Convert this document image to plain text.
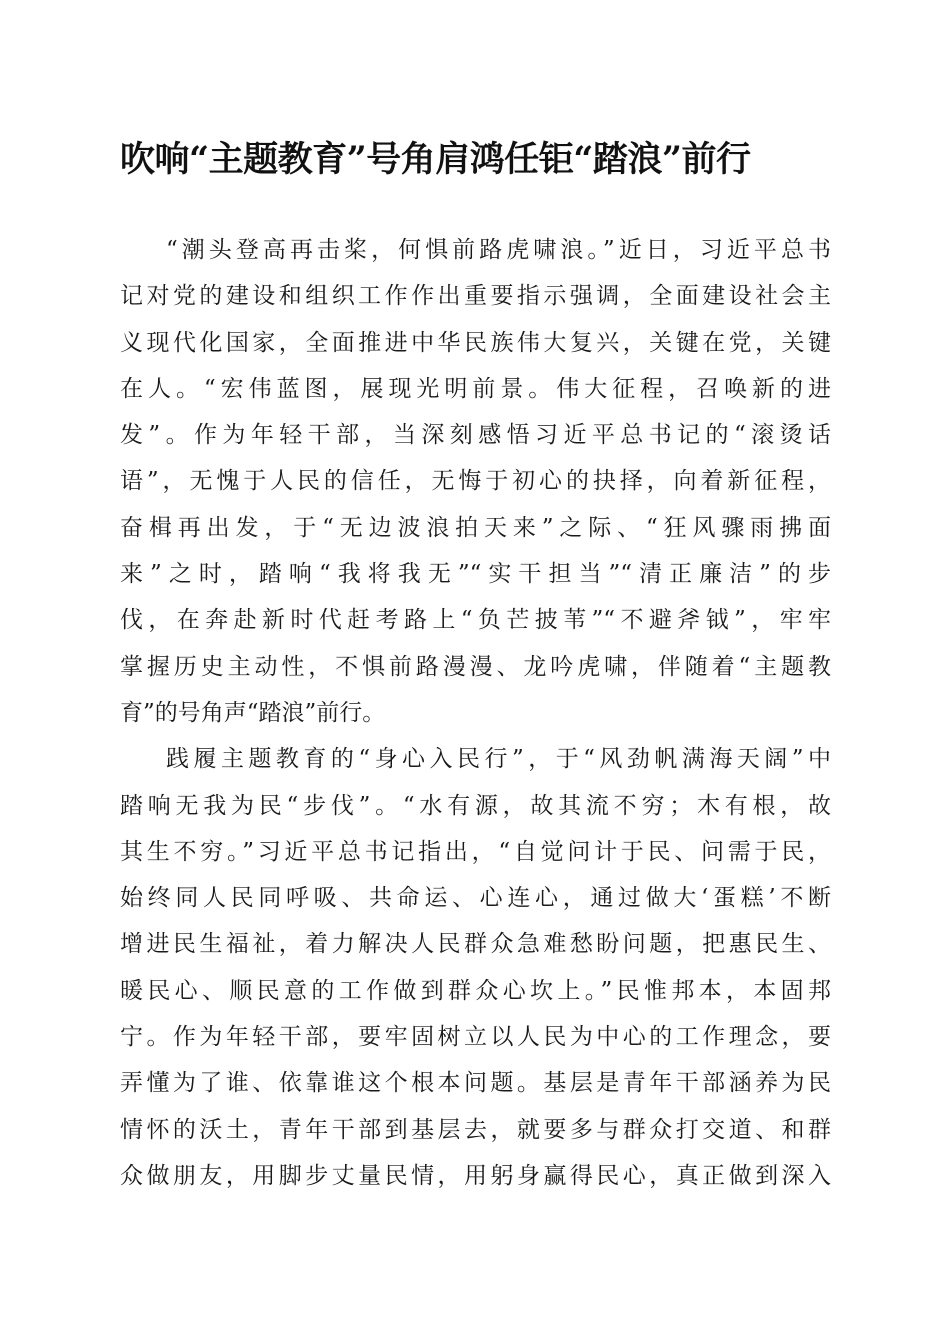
吹响“主题教育”号角肩鸿任钜“踏浪”前行
“潮头登高再击桨，何惧前路虎啸浪。”近日，习近平总书
记对党的建设和组织工作作出重要指示强调，全面建设社会主
义现代化国家，全面推进中华民族伟大复兴，关键在党，关键
在人。“宏伟蓝图，展现光明前景。伟大征程，召唤新的进
发”。作为年轻干部，当深刻感悟习近平总书记的“滚烫话
语”，无愧于人民的信任，无悔于初心的抉择，向着新征程，
奋楫再出发，于“无边波浪拍天来”之际、“狂风骤雨拂面
来”之时，踏响“我将我无”“实干担当”“清正廉洁”的步
伐，在奔赴新时代赶考路上“负芒披苇”“不避斧钺”，牢牢
掌握历史主动性，不惧前路漫漫、龙吟虎啸，伴随着“主题教
育”的号角声“踏浪”前行。
践履主题教育的“身心入民行”，于“风劲帆满海天阔”中
踏响无我为民“步伐”。“水有源，故其流不穷；木有根，故
其生不穷。”习近平总书记指出，“自觉问计于民、问需于民，
始终同人民同呼吸、共命运、心连心，通过做大‘蛋糕’不断
增进民生福祉，着力解决人民群众急难愁盼问题，把惠民生、
暖民心、顺民意的工作做到群众心坎上。”民惟邦本，本固邦
宁。作为年轻干部，要牢固树立以人民为中心的工作理念，要
弄懂为了谁、依靠谁这个根本问题。基层是青年干部涵养为民
情怀的沃土，青年干部到基层去，就要多与群众打交道、和群
众做朋友，用脚步丈量民情，用躬身赢得民心，真正做到深入
